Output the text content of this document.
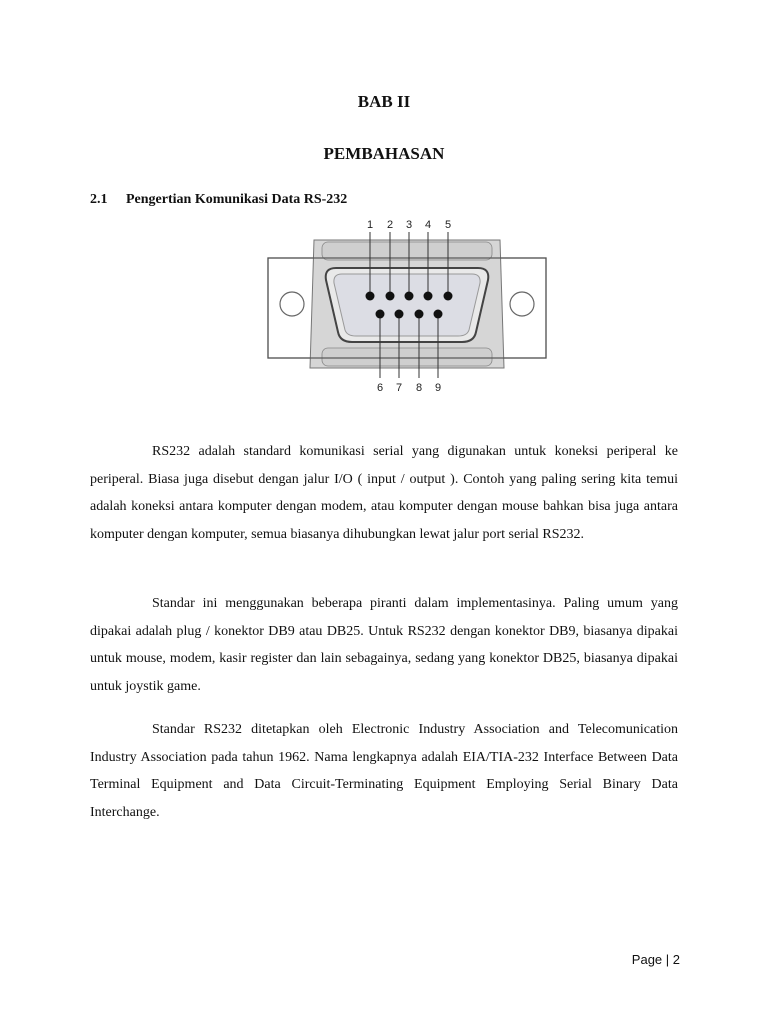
BAB II
PEMBAHASAN
2.1 Pengertian Komunikasi Data RS-232
1 2 3 4 5
6 7 8 9

RS232 adalah standard komunikasi serial yang digunakan untuk koneksi periperal ke periperal. Biasa juga disebut dengan jalur I/O ( input / output ). Contoh yang paling sering kita temui adalah koneksi antara komputer dengan modem, atau komputer dengan mouse bahkan bisa juga antara komputer dengan komputer, semua biasanya dihubungkan lewat jalur port serial RS232.

Standar ini menggunakan beberapa piranti dalam implementasinya. Paling umum yang dipakai adalah plug / konektor DB9 atau DB25. Untuk RS232 dengan konektor DB9, biasanya dipakai untuk mouse, modem, kasir register dan lain sebagainya, sedang yang konektor DB25, biasanya dipakai untuk joystik game.

Standar RS232 ditetapkan oleh Electronic Industry Association and Telecomunication Industry Association pada tahun 1962. Nama lengkapnya adalah EIA/TIA-232 Interface Between Data Terminal Equipment and Data Circuit-Terminating Equipment Employing Serial Binary Data Interchange.

Page | 2
